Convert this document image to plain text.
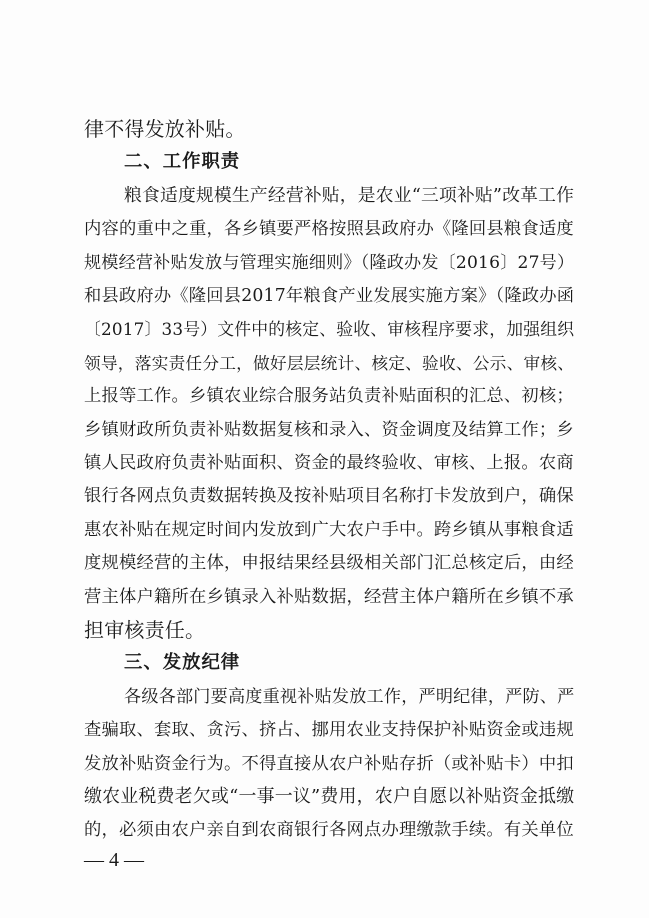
律不得发放补贴。
二、工作职责
粮食适度规模生产经营补贴，是农业“三项补贴”改革工作
内容的重中之重，各乡镇要严格按照县政府办《隆回县粮食适度
规模经营补贴发放与管理实施细则》（隆政办发〔2016〕27号）
和县政府办《隆回县2017年粮食产业发展实施方案》（隆政办函
〔2017〕33号）文件中的核定、验收、审核程序要求，加强组织
领导，落实责任分工，做好层层统计、核定、验收、公示、审核、
上报等工作。乡镇农业综合服务站负责补贴面积的汇总、初核；
乡镇财政所负责补贴数据复核和录入、资金调度及结算工作；乡
镇人民政府负责补贴面积、资金的最终验收、审核、上报。农商
银行各网点负责数据转换及按补贴项目名称打卡发放到户，确保
惠农补贴在规定时间内发放到广大农户手中。跨乡镇从事粮食适
度规模经营的主体，申报结果经县级相关部门汇总核定后，由经
营主体户籍所在乡镇录入补贴数据，经营主体户籍所在乡镇不承
担审核责任。
三、发放纪律
各级各部门要高度重视补贴发放工作，严明纪律，严防、严
— 4 —
查骗取、套取、贪污、挤占、挪用农业支持保护补贴资金或违规
发放补贴资金行为。不得直接从农户补贴存折（或补贴卡）中扣
缴农业税费老欠或“一事一议”费用，农户自愿以补贴资金抵缴
的，必须由农户亲自到农商银行各网点办理缴款手续。有关单位
